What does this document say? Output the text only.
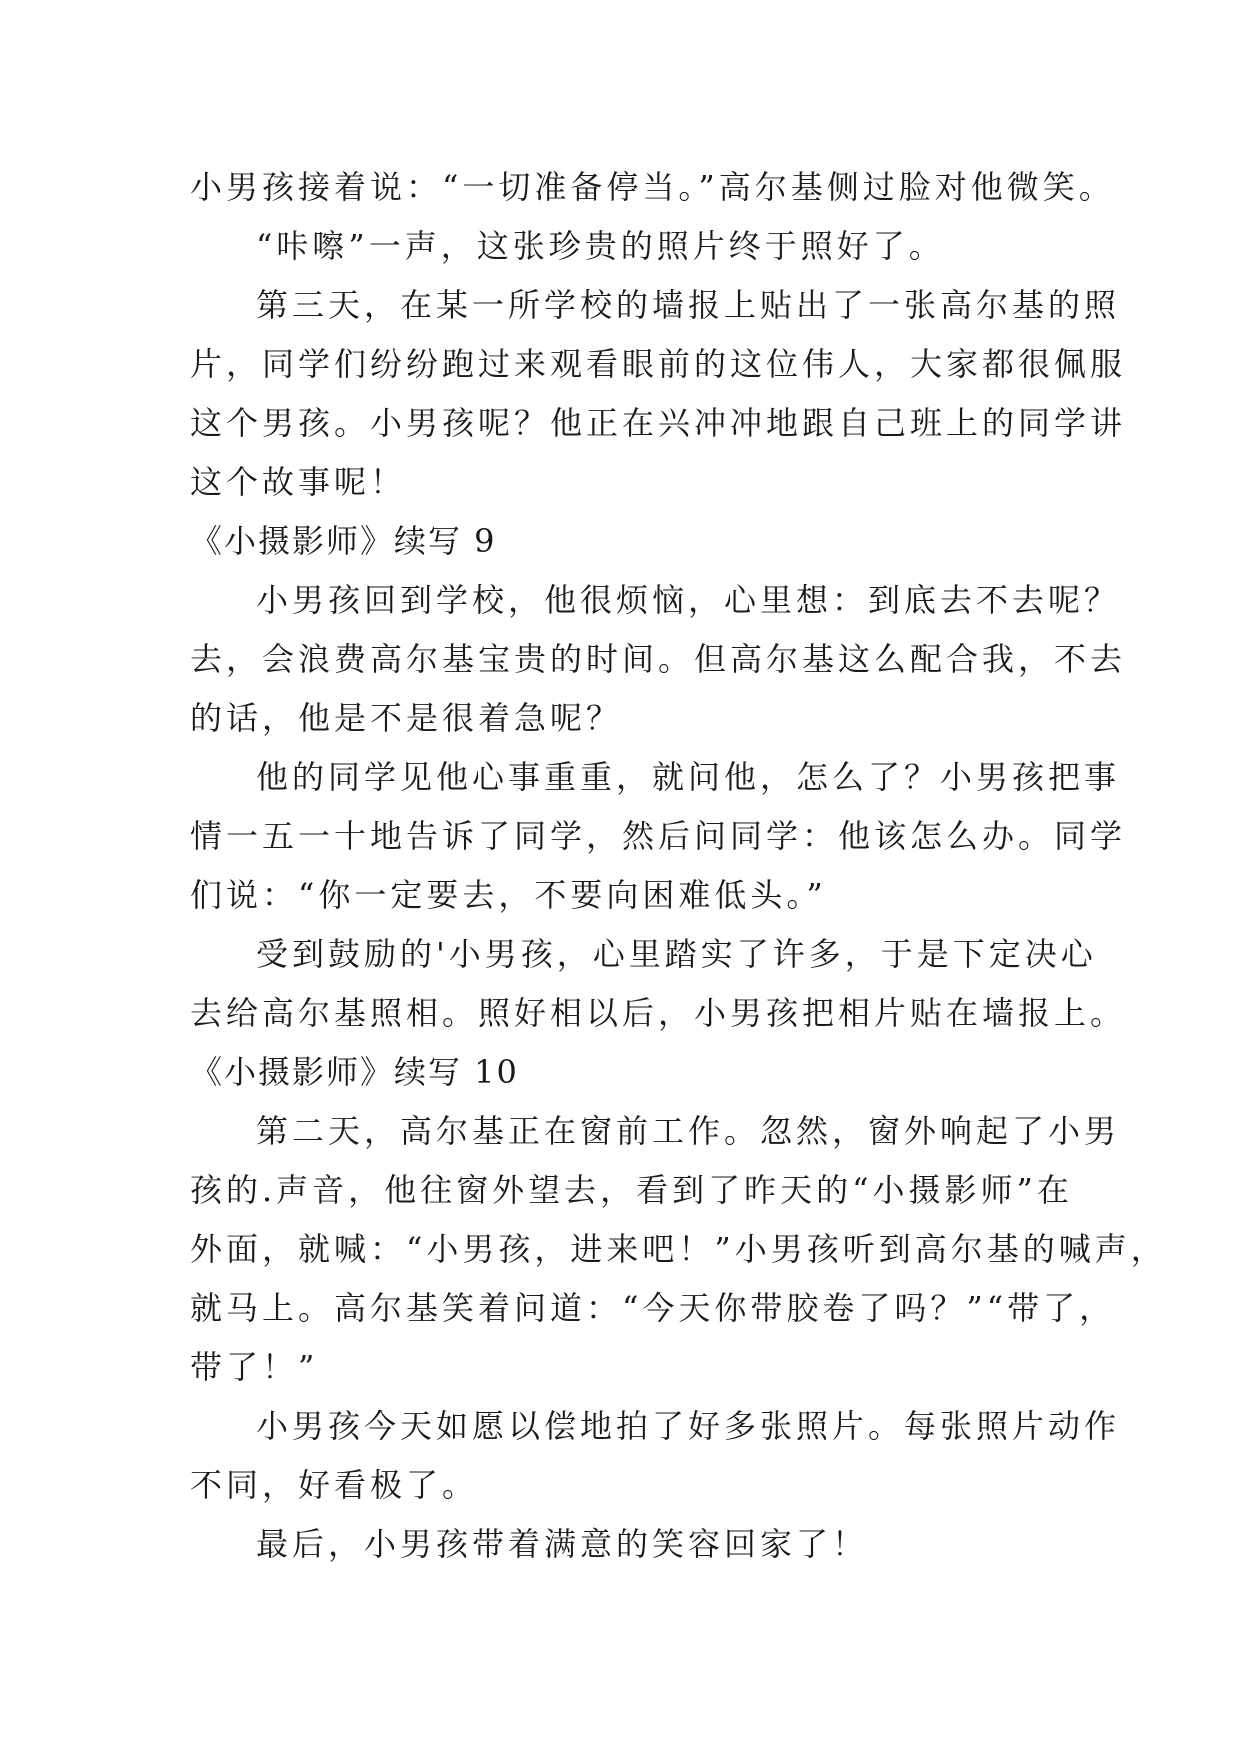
小男孩接着说：“一切准备停当。”高尔基侧过脸对他微笑。
“咔嚓”一声，这张珍贵的照片终于照好了。
第三天，在某一所学校的墙报上贴出了一张高尔基的照
片，同学们纷纷跑过来观看眼前的这位伟人，大家都很佩服
这个男孩。小男孩呢？他正在兴冲冲地跟自己班上的同学讲
这个故事呢！
《小摄影师》续写 9
小男孩回到学校，他很烦恼，心里想：到底去不去呢？
去，会浪费高尔基宝贵的时间。但高尔基这么配合我，不去
的话，他是不是很着急呢？
他的同学见他心事重重，就问他，怎么了？小男孩把事
情一五一十地告诉了同学，然后问同学：他该怎么办。同学
们说：“你一定要去，不要向困难低头。”
受到鼓励的'小男孩，心里踏实了许多，于是下定决心
去给高尔基照相。照好相以后，小男孩把相片贴在墙报上。
《小摄影师》续写 10
第二天，高尔基正在窗前工作。忽然，窗外响起了小男
孩的.声音，他往窗外望去，看到了昨天的“小摄影师”在
外面，就喊：“小男孩，进来吧！”小男孩听到高尔基的喊声，
就马上。高尔基笑着问道：“今天你带胶卷了吗？”“带了，
带了！”
小男孩今天如愿以偿地拍了好多张照片。每张照片动作
不同，好看极了。
最后，小男孩带着满意的笑容回家了！
